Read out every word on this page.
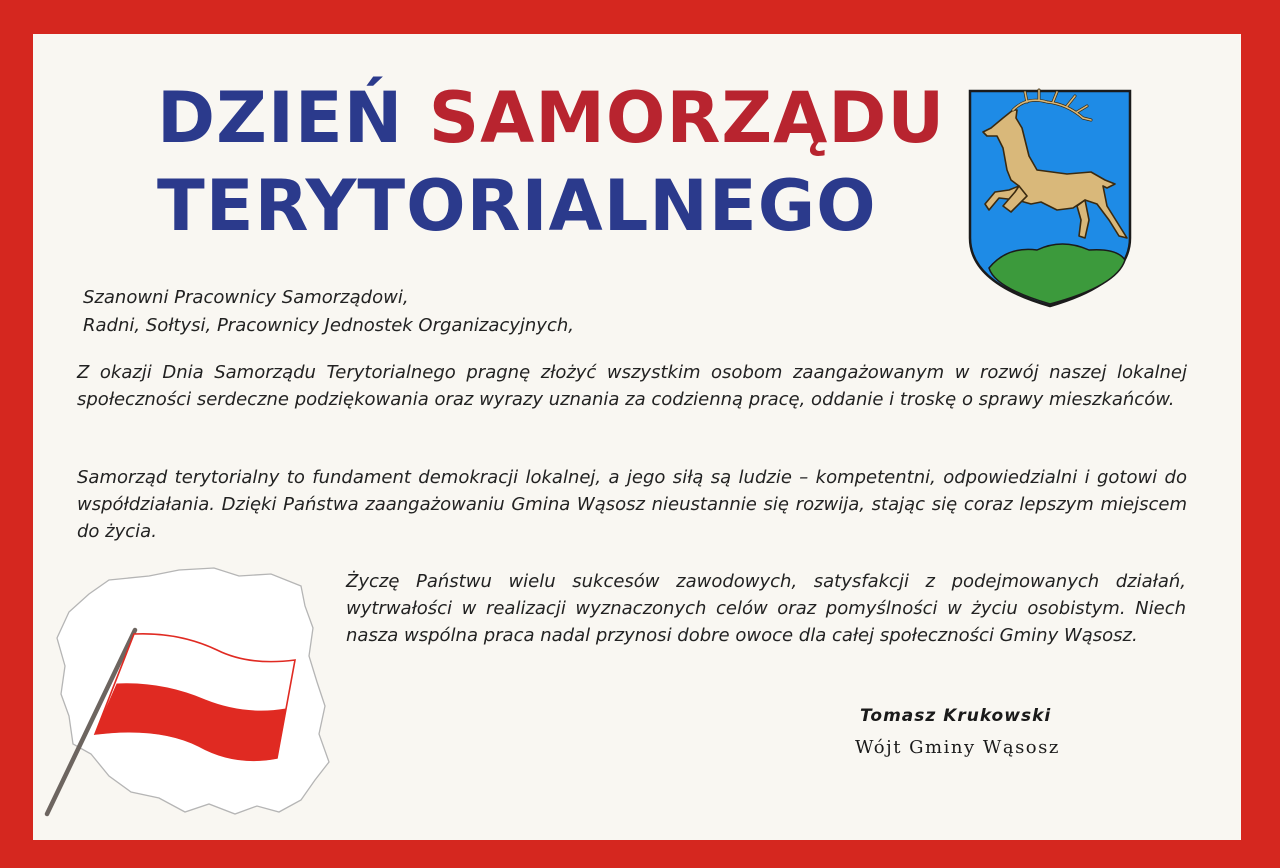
DZIEŃ SAMORZĄDU
TERYTORIALNEGO
Szanowni Pracownicy Samorządowi,
Radni, Sołtysi, Pracownicy Jednostek Organizacyjnych,

Z okazji Dnia Samorządu Terytorialnego pragnę złożyć wszystkim osobom zaangażowanym w rozwój naszej lokalnej społeczności serdeczne podziękowania oraz wyrazy uznania za codzienną pracę, oddanie i troskę o sprawy mieszkańców.

Samorząd terytorialny to fundament demokracji lokalnej, a jego siłą są ludzie – kompetentni, odpowiedzialni i gotowi do współdziałania. Dzięki Państwa zaangażowaniu Gmina Wąsosz nieustannie się rozwija, stając się coraz lepszym miejscem do życia.

Życzę Państwu wielu sukcesów zawodowych, satysfakcji z podejmowanych działań, wytrwałości w realizacji wyznaczonych celów oraz pomyślności w życiu osobistym. Niech nasza wspólna praca nadal przynosi dobre owoce dla całej społeczności Gminy Wąsosz.

Tomasz Krukowski
Wójt Gminy Wąsosz
